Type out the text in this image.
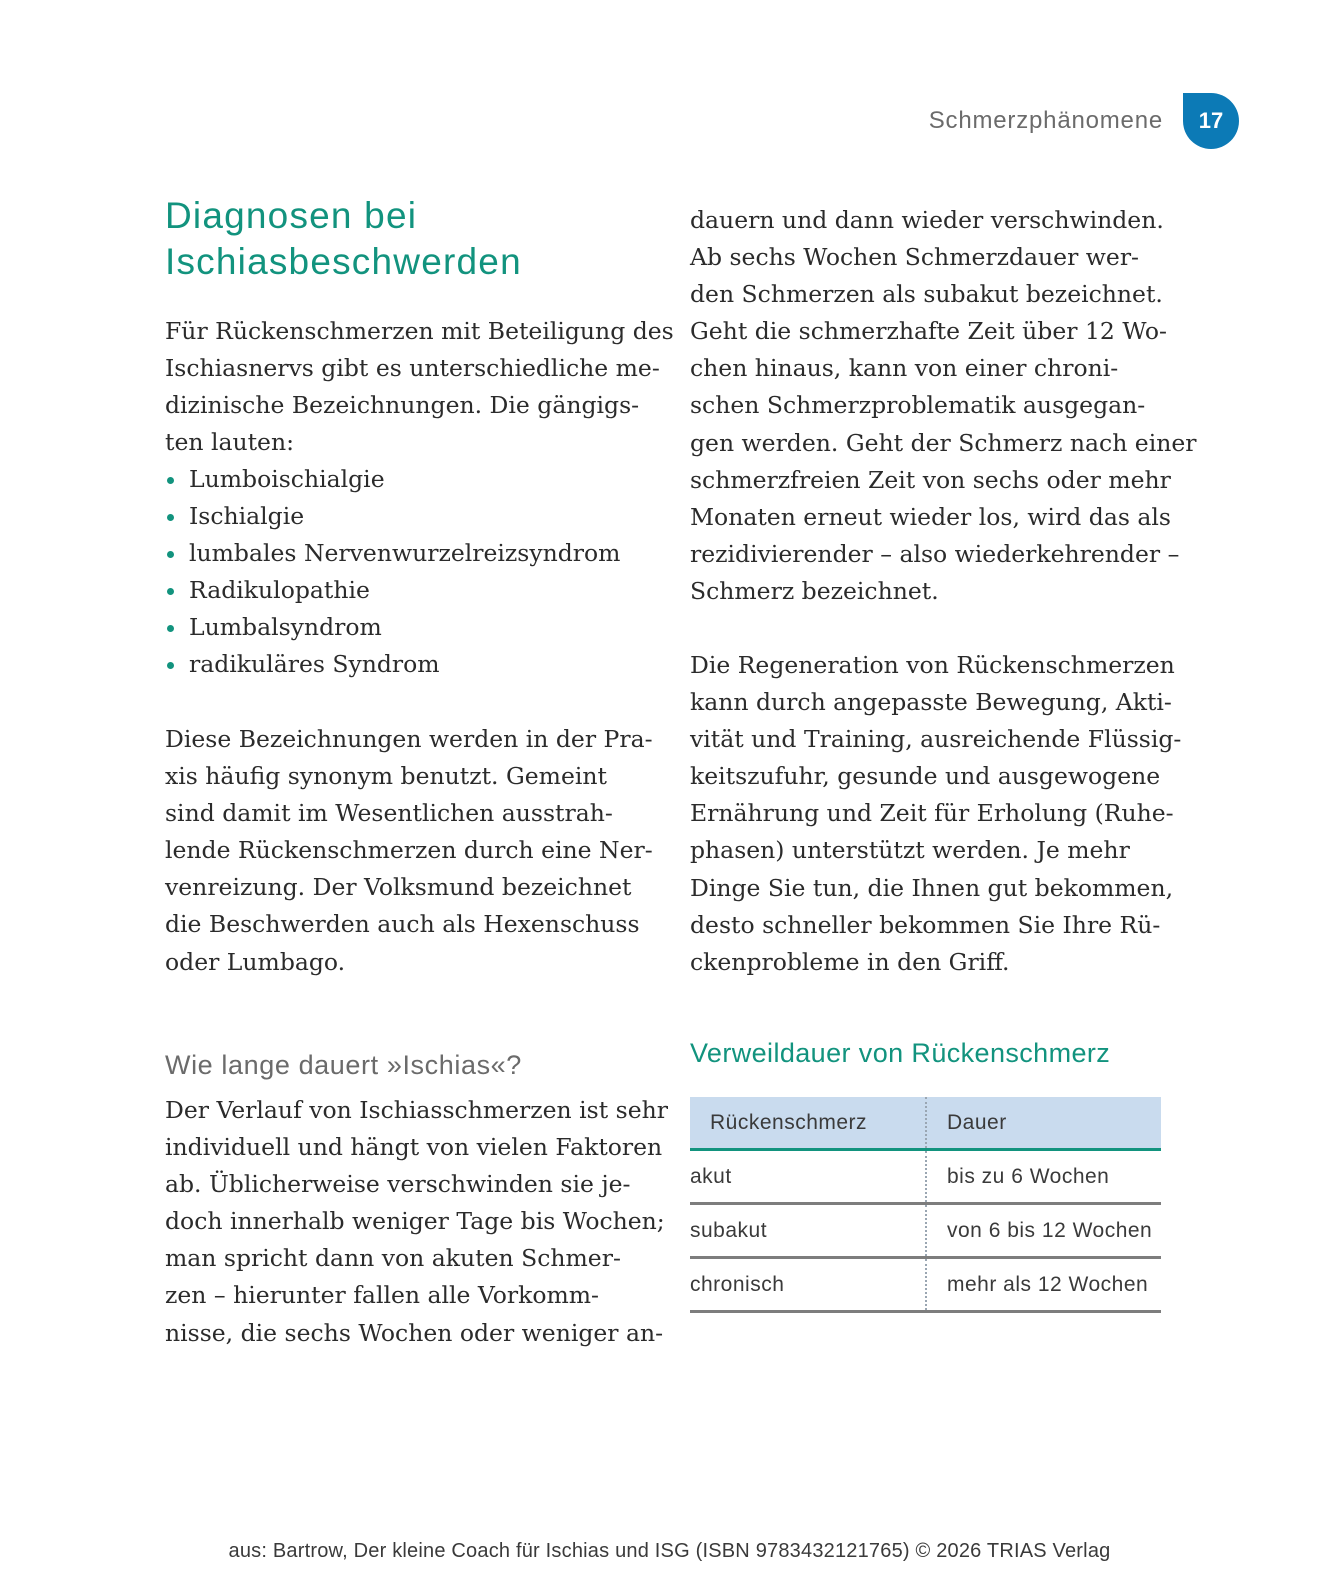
Schmerzphänomene	17
Diagnosen bei
Ischiasbeschwerden

Für Rückenschmerzen mit Beteiligung des
Ischiasnervs gibt es unterschiedliche me-
dizinische Bezeichnungen. Die gängigs-
ten lauten:

Lumboischialgie
Ischialgie
lumbales Nervenwurzelreizsyndrom
Radikulopathie
Lumbalsyndrom
radikuläres Syndrom

Diese Bezeichnungen werden in der Pra-
xis häufig synonym benutzt. Gemeint
sind damit im Wesentlichen ausstrah-
lende Rückenschmerzen durch eine Ner-
venreizung. Der Volksmund bezeichnet
die Beschwerden auch als Hexenschuss
oder Lumbago.

Wie lange dauert »Ischias«?

Der Verlauf von Ischiasschmerzen ist sehr
individuell und hängt von vielen Faktoren
ab. Üblicherweise verschwinden sie je-
doch innerhalb weniger Tage bis Wochen;
man spricht dann von akuten Schmer-
zen – hierunter fallen alle Vorkomm-
nisse, die sechs Wochen oder weniger an-

dauern und dann wieder verschwinden.
Ab sechs Wochen Schmerzdauer wer-
den Schmerzen als subakut bezeichnet.
Geht die schmerzhafte Zeit über 12 Wo-
chen hinaus, kann von einer chroni-
schen Schmerzproblematik ausgegan-
gen werden. Geht der Schmerz nach einer
schmerzfreien Zeit von sechs oder mehr
Monaten erneut wieder los, wird das als
rezidivierender – also wiederkehrender –
Schmerz bezeichnet.

Die Regeneration von Rückenschmerzen
kann durch angepasste Bewegung, Akti-
vität und Training, ausreichende Flüssig-
keitszufuhr, gesunde und ausgewogene
Ernährung und Zeit für Erholung (Ruhe-
phasen) unterstützt werden. Je mehr
Dinge Sie tun, die Ihnen gut bekommen,
desto schneller bekommen Sie Ihre Rü-
ckenprobleme in den Griff.

Verweildauer von Rückenschmerz
Rückenschmerz	Dauer
akut	bis zu 6 Wochen
subakut	von 6 bis 12 Wochen
chronisch	mehr als 12 Wochen
aus: Bartrow, Der kleine Coach für Ischias und ISG (ISBN 9783432121765) © 2026 TRIAS Verlag
